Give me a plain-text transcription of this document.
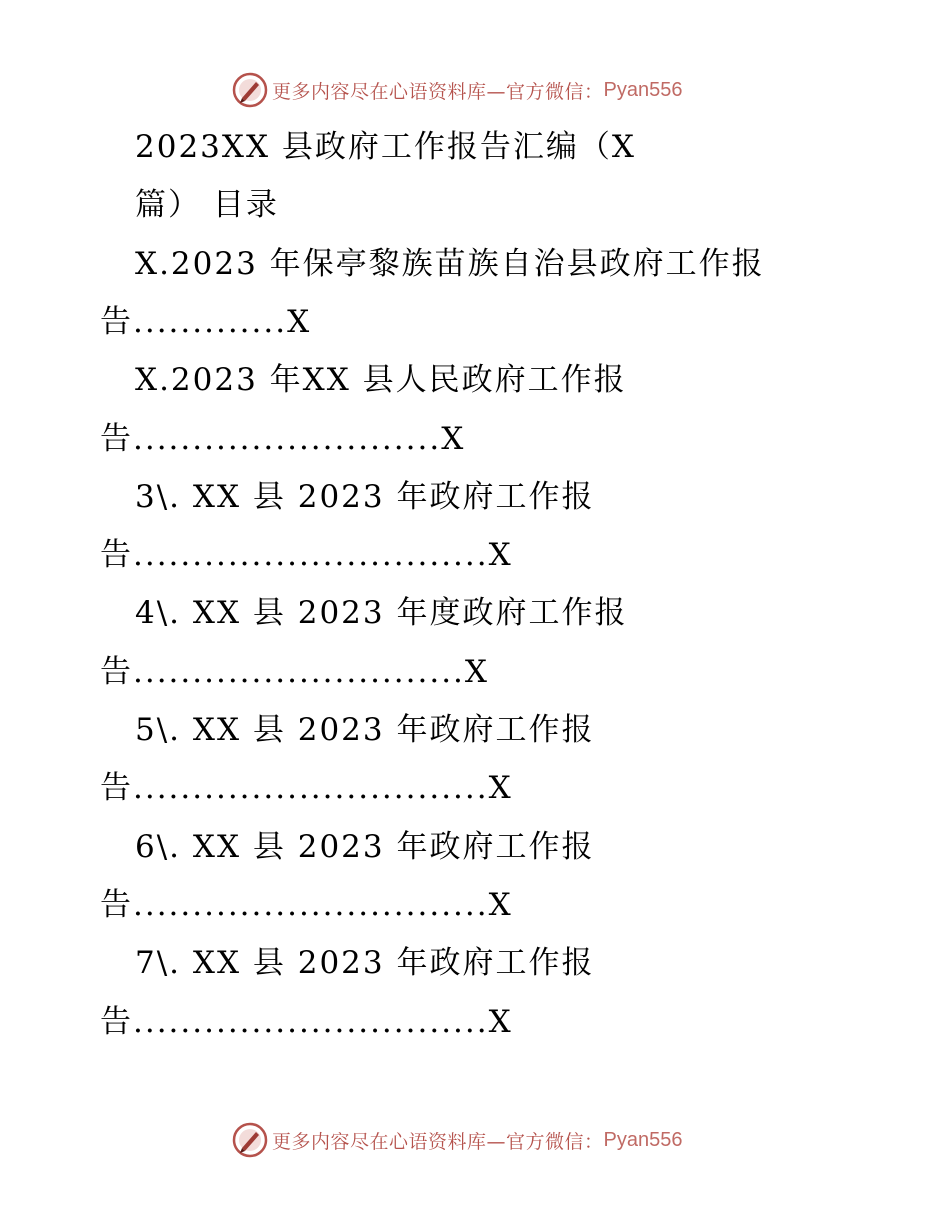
更多内容尽在心语资料库—官方微信： Pyan556
2023XX 县政府工作报告汇编（X
篇） 目录
X.2023 年保亭黎族苗族自治县政府工作报
告.............X
X.2023 年XX 县人民政府工作报
告..........................X
3\. XX 县 2023 年政府工作报
告..............................X
4\. XX 县 2023 年度政府工作报
告............................X
5\. XX 县 2023 年政府工作报
告..............................X
6\. XX 县 2023 年政府工作报
告..............................X
7\. XX 县 2023 年政府工作报
告..............................X
更多内容尽在心语资料库—官方微信： Pyan556
